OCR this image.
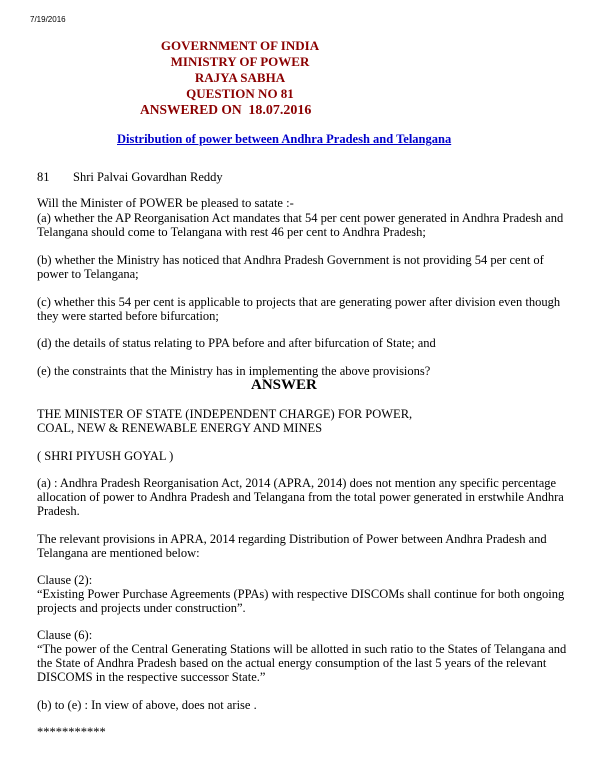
7/19/2016
GOVERNMENT OF INDIA
MINISTRY OF POWER
RAJYA SABHA
QUESTION NO 81
ANSWERED ON 18.07.2016
Distribution of power between Andhra Pradesh and Telangana
81 Shri Palvai Govardhan Reddy
Will the Minister of POWER be pleased to satate :-
(a) whether the AP Reorganisation Act mandates that 54 per cent power generated in Andhra Pradesh and Telangana should come to Telangana with rest 46 per cent to Andhra Pradesh;
(b) whether the Ministry has noticed that Andhra Pradesh Government is not providing 54 per cent of power to Telangana;
(c) whether this 54 per cent is applicable to projects that are generating power after division even though they were started before bifurcation;
(d) the details of status relating to PPA before and after bifurcation of State; and
(e) the constraints that the Ministry has in implementing the above provisions?
ANSWER
THE MINISTER OF STATE (INDEPENDENT CHARGE) FOR POWER,
COAL, NEW & RENEWABLE ENERGY AND MINES
( SHRI PIYUSH GOYAL )
(a) : Andhra Pradesh Reorganisation Act, 2014 (APRA, 2014) does not mention any specific percentage allocation of power to Andhra Pradesh and Telangana from the total power generated in erstwhile Andhra Pradesh.
The relevant provisions in APRA, 2014 regarding Distribution of Power between Andhra Pradesh and Telangana are mentioned below:
Clause (2):
“Existing Power Purchase Agreements (PPAs) with respective DISCOMs shall continue for both ongoing projects and projects under construction”.
Clause (6):
“The power of the Central Generating Stations will be allotted in such ratio to the States of Telangana and the State of Andhra Pradesh based on the actual energy consumption of the last 5 years of the relevant DISCOMS in the respective successor State.”
(b) to (e) : In view of above, does not arise .
***********
